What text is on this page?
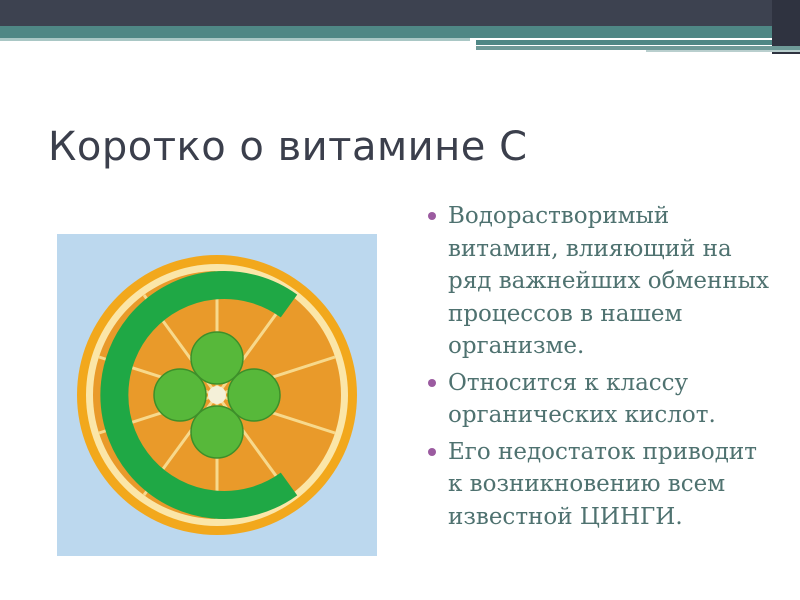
Коротко о витамине С
Водорастворимый витамин, влияющий на ряд важнейших обменных процессов в нашем организме.
Относится к классу органических кислот.
Его недостаток приводит к возникновению всем известной ЦИНГИ.
